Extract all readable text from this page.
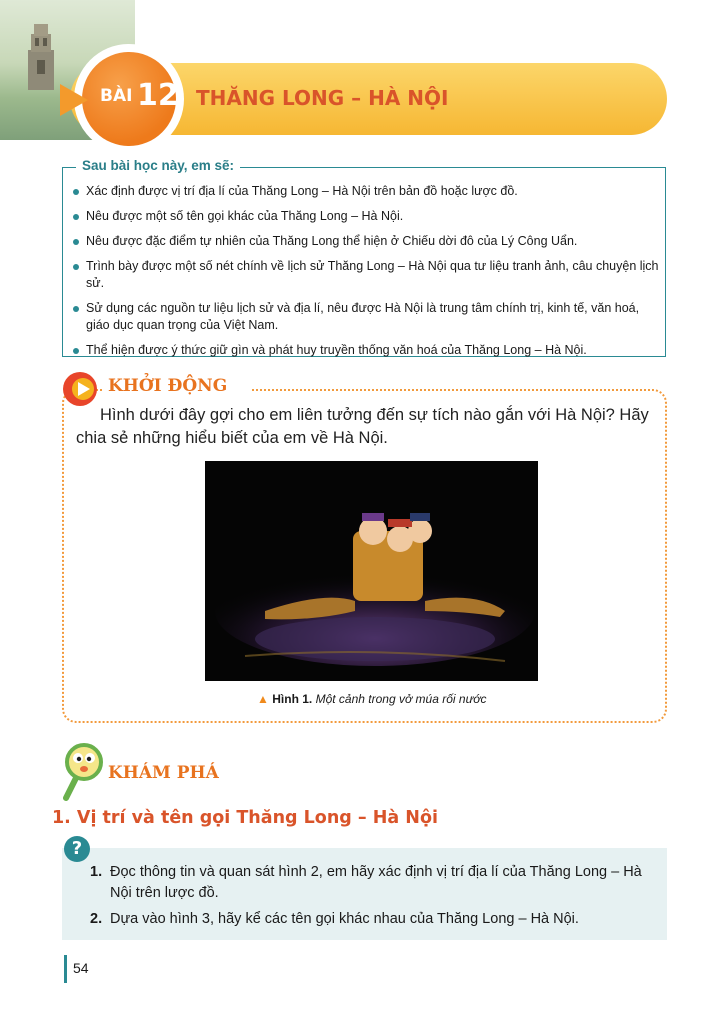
BÀI 12 THĂNG LONG – HÀ NỘI
Sau bài học này, em sẽ:
Xác định được vị trí địa lí của Thăng Long – Hà Nội trên bản đồ hoặc lược đồ.
Nêu được một số tên gọi khác của Thăng Long – Hà Nội.
Nêu được đặc điểm tự nhiên của Thăng Long thể hiện ở Chiếu dời đô của Lý Công Uẩn.
Trình bày được một số nét chính về lịch sử Thăng Long – Hà Nội qua tư liệu tranh ảnh, câu chuyện lịch sử.
Sử dụng các nguồn tư liệu lịch sử và địa lí, nêu được Hà Nội là trung tâm chính trị, kinh tế, văn hoá, giáo dục quan trọng của Việt Nam.
Thể hiện được ý thức giữ gìn và phát huy truyền thống văn hoá của Thăng Long – Hà Nội.
KHỞI ĐỘNG
Hình dưới đây gợi cho em liên tưởng đến sự tích nào gắn với Hà Nội? Hãy chia sẻ những hiểu biết của em về Hà Nội.
▲ Hình 1. Một cảnh trong vở múa rối nước
KHÁM PHÁ
1. Vị trí và tên gọi Thăng Long – Hà Nội
?
1. Đọc thông tin và quan sát hình 2, em hãy xác định vị trí địa lí của Thăng Long – Hà Nội trên lược đồ.
2. Dựa vào hình 3, hãy kể các tên gọi khác nhau của Thăng Long – Hà Nội.
54
